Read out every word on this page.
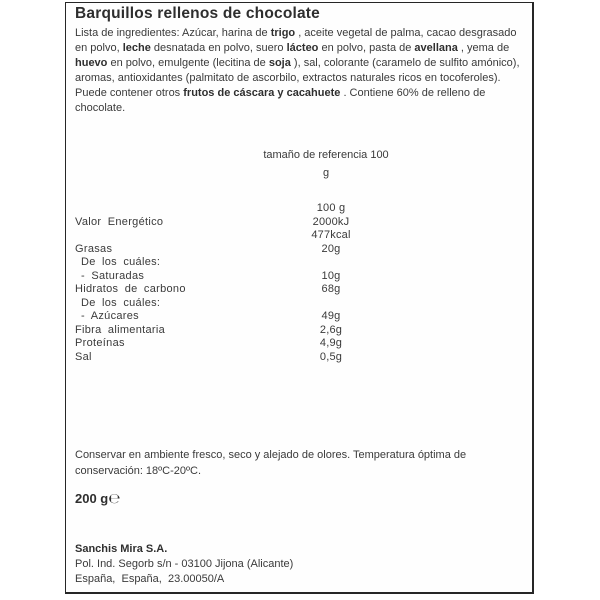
Barquillos rellenos de chocolate
Lista de ingredientes: Azúcar, harina de trigo , aceite vegetal de palma, cacao desgrasado en polvo, leche desnatada en polvo, suero lácteo en polvo, pasta de avellana , yema de huevo en polvo, emulgente (lecitina de soja ), sal, colorante (caramelo de sulfito amónico), aromas, antioxidantes (palmitato de ascorbilo, extractos naturales ricos en tocoferoles). Puede contener otros frutos de cáscara y cacahuete . Contiene 60% de relleno de chocolate.
tamaño de referencia 100
g
100 g
Valor Energético	2000kJ
477kcal
Grasas	20g
De los cuáles:
- Saturadas	10g
Hidratos de carbono	68g
De los cuáles:
- Azúcares	49g
Fibra alimentaria	2,6g
Proteínas	4,9g
Sal	0,5g
Conservar en ambiente fresco, seco y alejado de olores. Temperatura óptima de conservación: 18ºC-20ºC.
200 g℮
Sanchis Mira S.A.
Pol. Ind. Segorb s/n - 03100 Jijona (Alicante)
España,  España,  23.00050/A
